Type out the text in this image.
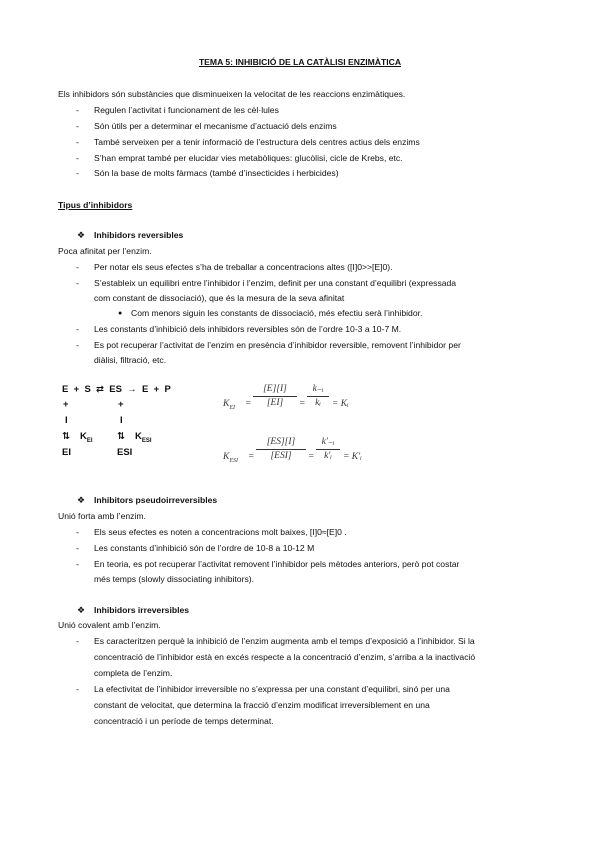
TEMA 5: INHIBICIÓ DE LA CATÀLISI ENZIMÀTICA
Els inhibidors són substàncies que disminueixen la velocitat de les reaccions enzimàtiques.
- Regulen l’activitat i funcionament de les cèl·lules
- Són útils per a determinar el mecanisme d’actuació dels enzims
- També serveixen per a tenir informació de l’estructura dels centres actius dels enzims
- S’han emprat també per elucidar vies metabòliques: glucòlisi, cicle de Krebs, etc.
- Són la base de molts fàrmacs (també d’insecticides i herbicides)
Tipus d’inhibidors
❖ Inhibidors reversibles
Poca afinitat per l’enzim.
- Per notar els seus efectes s’ha de treballar a concentracions altes ([I]0>>[E]0).
- S’estableix un equilibri entre l’inhibidor i l’enzim, definit per una constant d’equilibri (expressada
com constant de dissociació), que és la mesura de la seva afinitat
● Com menors siguin les constants de dissociació, més efectiu serà l’inhibidor.
- Les constants d’inhibició dels inhibidors reversibles són de l’ordre 10-3 a 10-7 M.
- Es pot recuperar l’activitat de l’enzim en presència d’inhibidor reversible, removent l’inhibidor per
diàlisi, filtració, etc.
E  +  S  ⇄  ES  →  E  +  P
+	+
I	I
⇅ $K_{EI}$	⇅ $K_{ESI}$
EI	ESI
$K_{EI} = \frac{[E][I]}{[EI]} = \frac{\text{k₋ᵢ}}{\text{kᵢ}}$ = Kᵢ
$K_{ESI}$ =
[ES][I]
[ESI]	= $\frac{\text{k′₋ᵢ}}{\text{k′ᵢ}}$ = K′ᵢ
❖ Inhibitors pseudoirreversibles
Unió forta amb l’enzim.
- Els seus efectes es noten a concentracions molt baixes, [I]0≈[E]0 .
- Les constants d’inhibició són de l’ordre de 10-8 a 10-12 M
- En teoria, es pot recuperar l’activitat removent l’inhibidor pels mètodes anteriors, però pot costar
més temps (slowly dissociating inhibitors).
❖ Inhibidors irreversibles
Unió covalent amb l’enzim.
- Es caracteritzen perquè la inhibició de l’enzim augmenta amb el temps d’exposició a l’inhibidor. Si la
concentració de l’inhibidor està en excés respecte a la concentració d’enzim, s’arriba a la inactivació
completa de l’enzim.
- La efectivitat de l’inhibidor irreversible no s’expressa per una constant d’equilibri, sinó per una
constant de velocitat, que determina la fracció d’enzim modificat irreversiblement en una
concentració i un període de temps determinat.
